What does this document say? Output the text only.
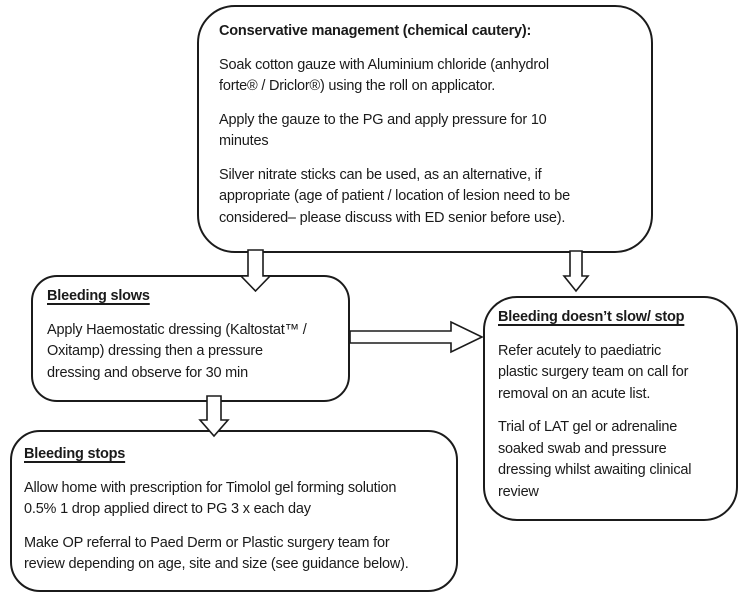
Conservative management (chemical cautery):
Soak cotton gauze with Aluminium chloride (anhydrol
forte® / Driclor®) using the roll on applicator.
Apply the gauze to the PG and apply pressure for 10
minutes
Silver nitrate sticks can be used, as an alternative, if
appropriate (age of patient / location of lesion need to be
considered– please discuss with ED senior before use).
Bleeding slows
Apply Haemostatic dressing (Kaltostat™ /
Oxitamp) dressing then a pressure
dressing and observe for 30 min
Bleeding doesn’t slow/ stop
Refer acutely to paediatric
plastic surgery team on call for
removal on an acute list.
Trial of LAT gel or adrenaline
soaked swab and pressure
dressing whilst awaiting clinical
review
Bleeding stops
Allow home with prescription for Timolol gel forming solution
0.5% 1 drop applied direct to PG 3 x each day
Make OP referral to Paed Derm or Plastic surgery team for
review depending on age, site and size (see guidance below).
